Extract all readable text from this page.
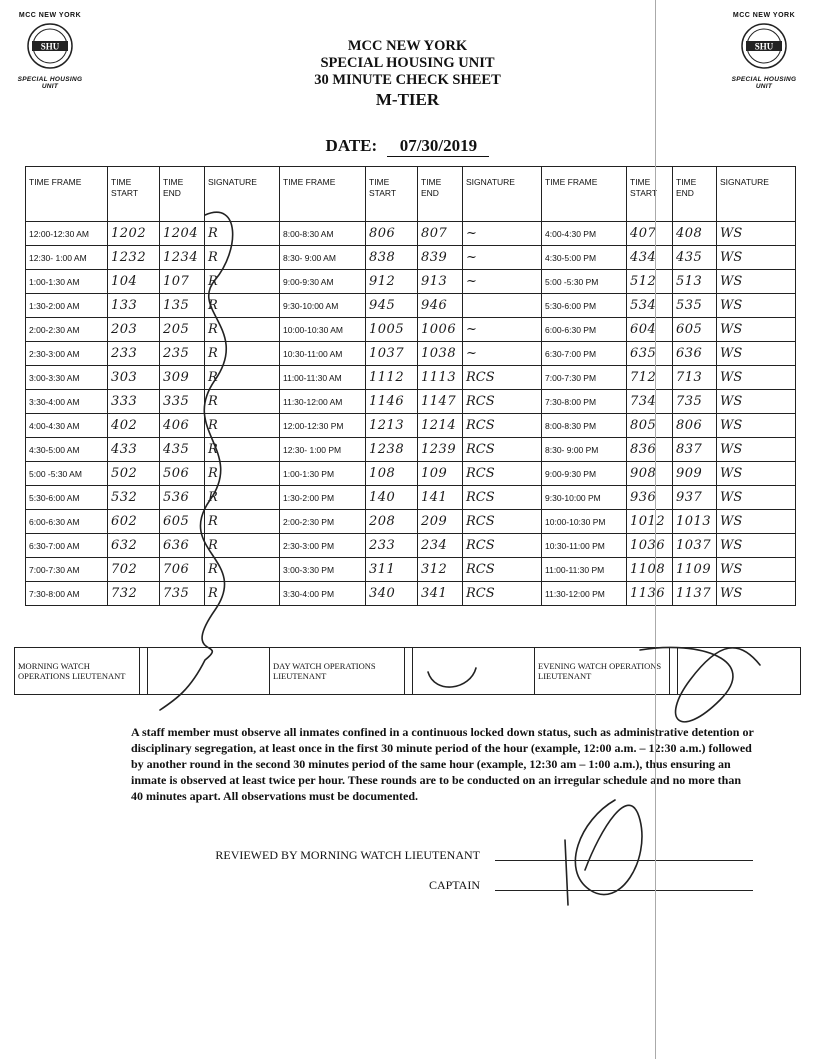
MCC NEW YORK
SHU
SPECIAL HOUSING UNIT
MCC NEW YORK
SHU
SPECIAL HOUSING UNIT
MCC NEW YORK
SPECIAL HOUSING UNIT
30 MINUTE CHECK SHEET
M-TIER
DATE: 07/30/2019
TIME FRAME	TIME START	TIME END	SIGNATURE	TIME FRAME	TIME START	TIME END	SIGNATURE	TIME FRAME	TIME START	TIME END	SIGNATURE
12:00-12:30 AM	1202	1204	R	8:00-8:30 AM	806	807	~	4:00-4:30 PM	407	408	WS
12:30- 1:00 AM	1232	1234	R	8:30- 9:00 AM	838	839	~	4:30-5:00 PM	434	435	WS
1:00-1:30 AM	104	107	R	9:00-9:30 AM	912	913	~	5:00 -5:30 PM	512	513	WS
1:30-2:00 AM	133	135	R	9:30-10:00 AM	945	946		5:30-6:00 PM	534	535	WS
2:00-2:30 AM	203	205	R	10:00-10:30 AM	1005	1006	~	6:00-6:30 PM	604	605	WS
2:30-3:00 AM	233	235	R	10:30-11:00 AM	1037	1038	~	6:30-7:00 PM	635	636	WS
3:00-3:30 AM	303	309	R	11:00-11:30 AM	1112	1113	RCS	7:00-7:30 PM	712	713	WS
3:30-4:00 AM	333	335	R	11:30-12:00 AM	1146	1147	RCS	7:30-8:00 PM	734	735	WS
4:00-4:30 AM	402	406	R	12:00-12:30 PM	1213	1214	RCS	8:00-8:30 PM	805	806	WS
4:30-5:00 AM	433	435	R	12:30- 1:00 PM	1238	1239	RCS	8:30- 9:00 PM	836	837	WS
5:00 -5:30 AM	502	506	R	1:00-1:30 PM	108	109	RCS	9:00-9:30 PM	908	909	WS
5:30-6:00 AM	532	536	R	1:30-2:00 PM	140	141	RCS	9:30-10:00 PM	936	937	WS
6:00-6:30 AM	602	605	R	2:00-2:30 PM	208	209	RCS	10:00-10:30 PM	1012	1013	WS
6:30-7:00 AM	632	636	R	2:30-3:00 PM	233	234	RCS	10:30-11:00 PM	1036	1037	WS
7:00-7:30 AM	702	706	R	3:00-3:30 PM	311	312	RCS	11:00-11:30 PM	1108	1109	WS
7:30-8:00 AM	732	735	R	3:30-4:00 PM	340	341	RCS	11:30-12:00 PM	1136	1137	WS
MORNING WATCH OPERATIONS LIEUTENANT			DAY WATCH OPERATIONS LIEUTENANT			EVENING WATCH OPERATIONS LIEUTENANT		
A staff member must observe all inmates confined in a continuous locked down status, such as administrative detention or disciplinary segregation, at least once in the first 30 minute period of the hour (example, 12:00 a.m. – 12:30 a.m.) followed by another round in the second 30 minutes period of the same hour (example, 12:30 am – 1:00 a.m.), thus ensuring an inmate is observed at least twice per hour. These rounds are to be conducted on an irregular schedule and no more than 40 minutes apart. All observations must be documented.
REVIEWED BY MORNING WATCH LIEUTENANT
CAPTAIN
